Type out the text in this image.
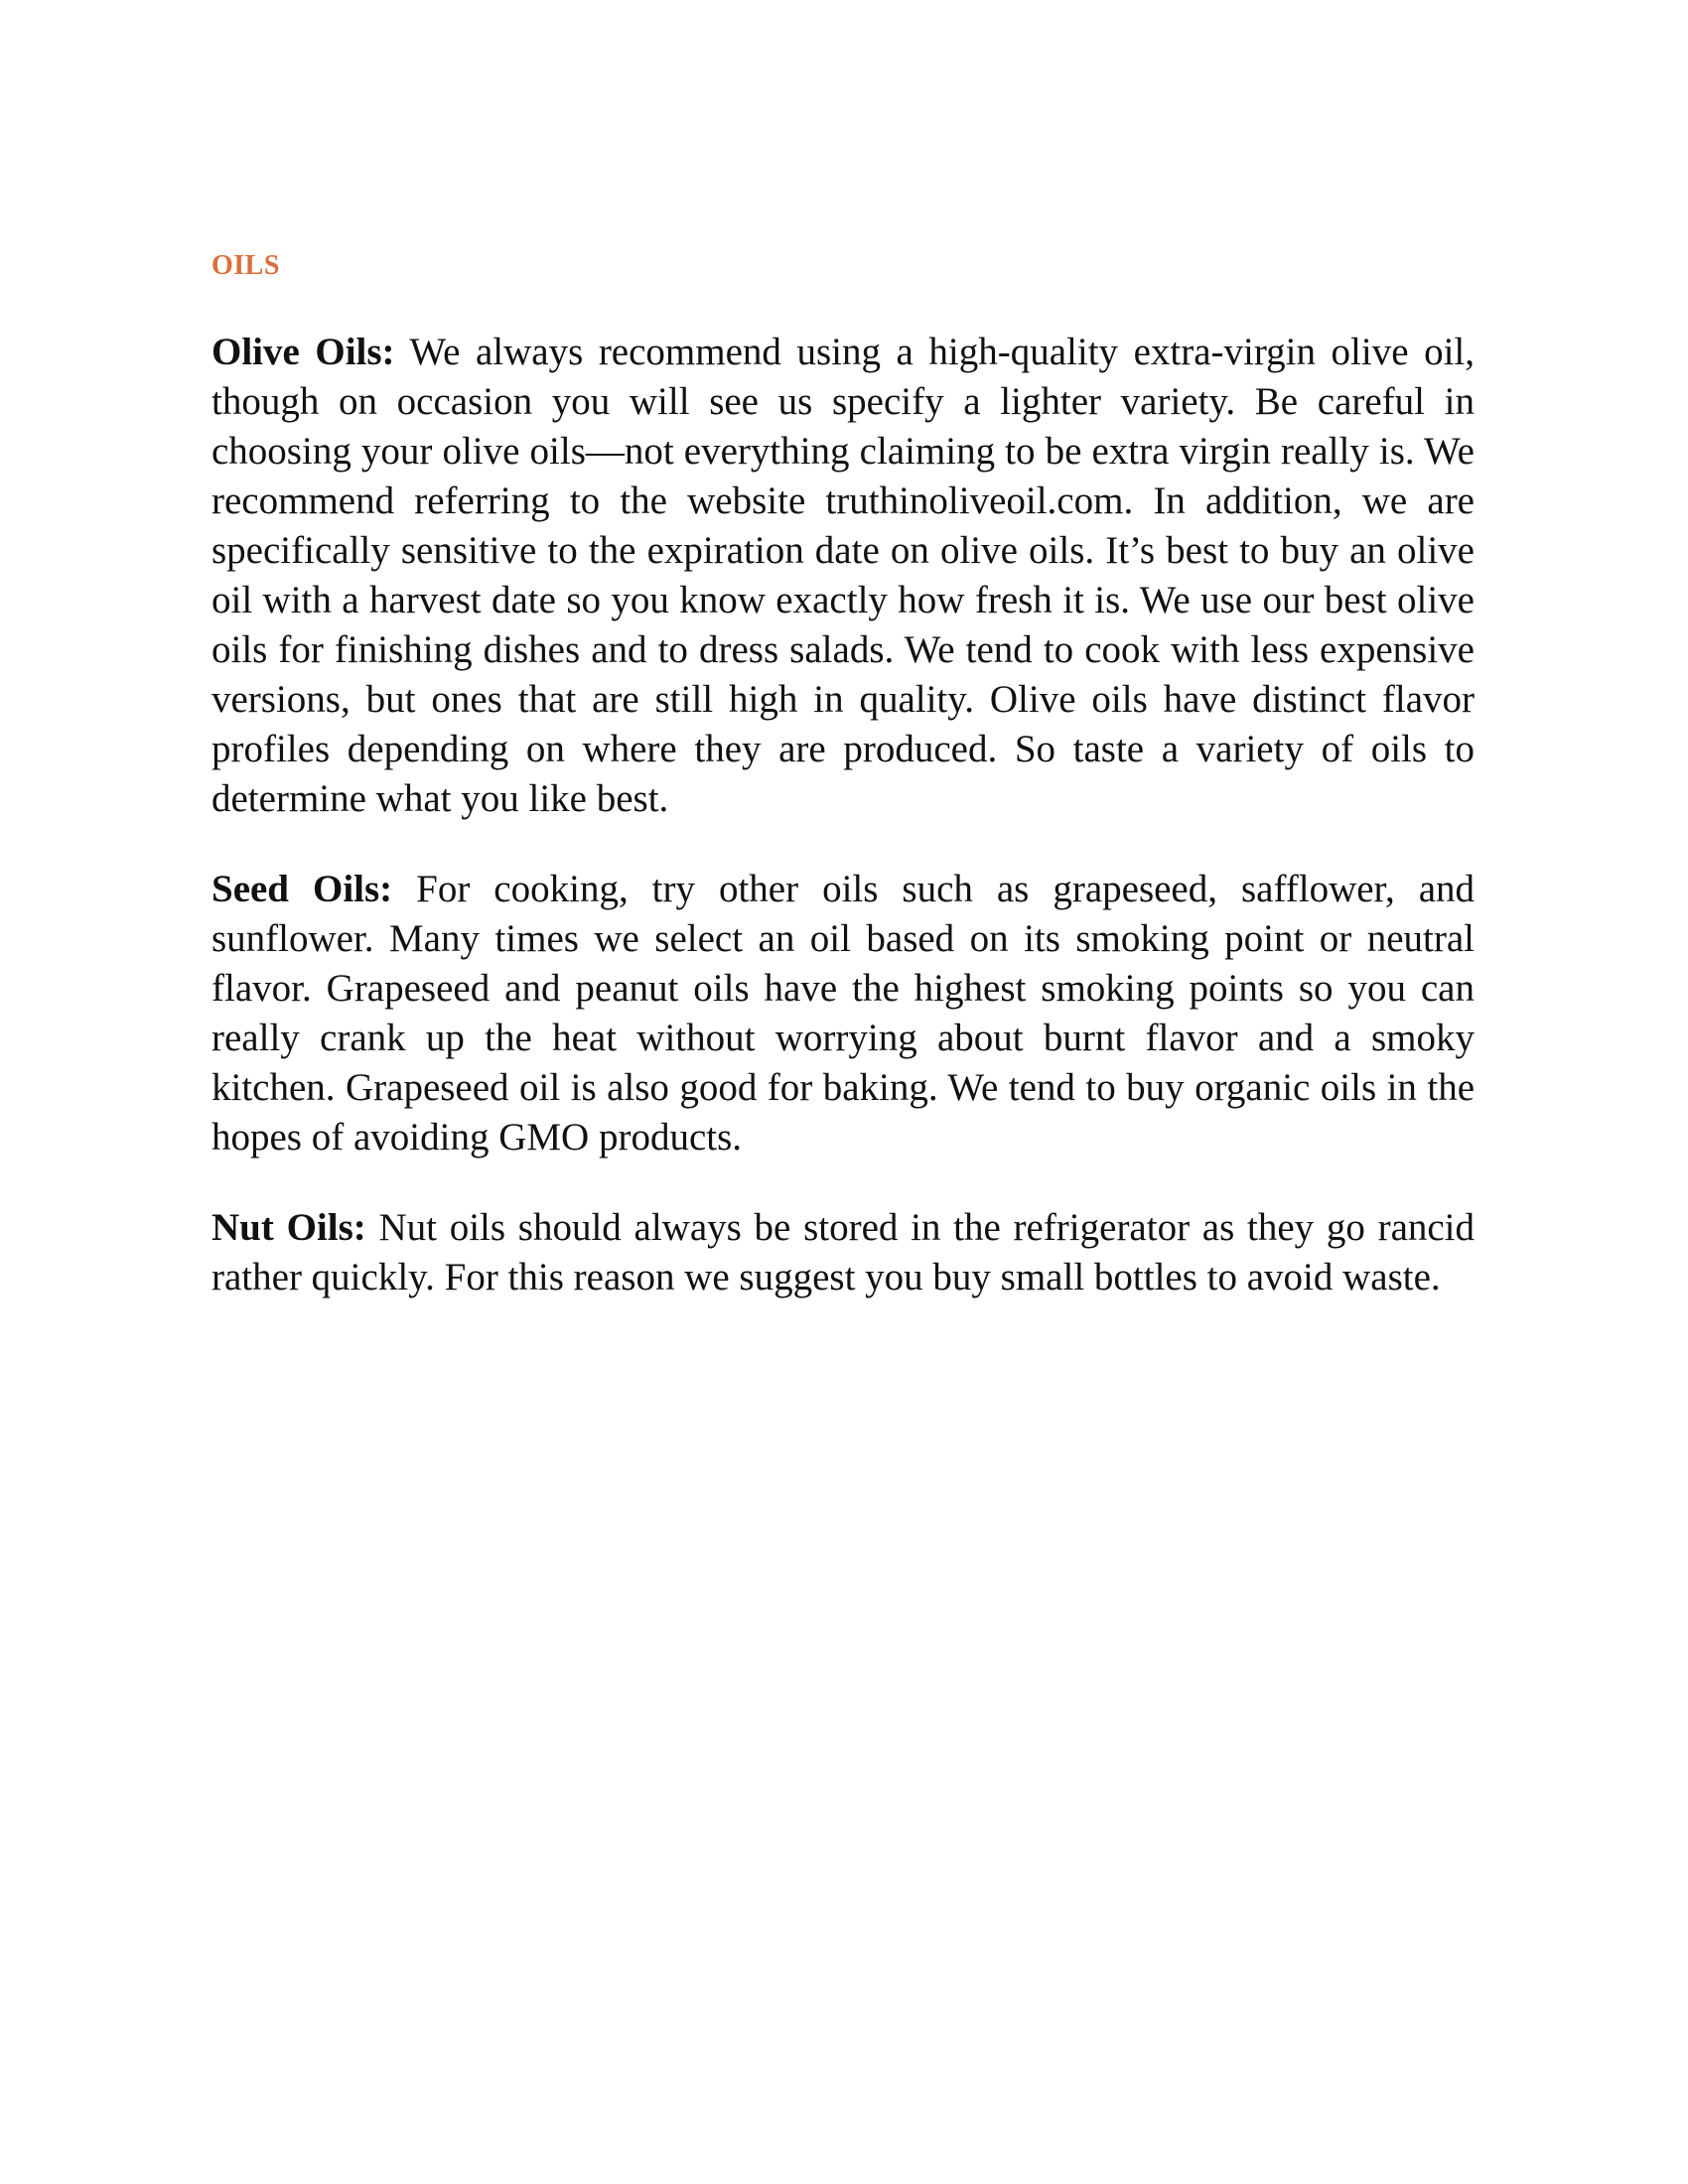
OILS

Olive Oils: We always recommend using a high-quality extra-virgin olive oil, though on occasion you will see us specify a lighter variety. Be careful in choosing your olive oils—not everything claiming to be extra virgin really is. We recommend referring to the website truthinoliveoil.com. In addition, we are specifically sensitive to the expiration date on olive oils. It’s best to buy an olive oil with a harvest date so you know exactly how fresh it is. We use our best olive oils for finishing dishes and to dress salads. We tend to cook with less expensive versions, but ones that are still high in quality. Olive oils have distinct flavor profiles depending on where they are produced. So taste a variety of oils to determine what you like best.

Seed Oils: For cooking, try other oils such as grapeseed, safflower, and sunflower. Many times we select an oil based on its smoking point or neutral flavor. Grapeseed and peanut oils have the highest smoking points so you can really crank up the heat without worrying about burnt flavor and a smoky kitchen. Grapeseed oil is also good for baking. We tend to buy organic oils in the hopes of avoiding GMO products.

Nut Oils: Nut oils should always be stored in the refrigerator as they go rancid rather quickly. For this reason we suggest you buy small bottles to avoid waste.
